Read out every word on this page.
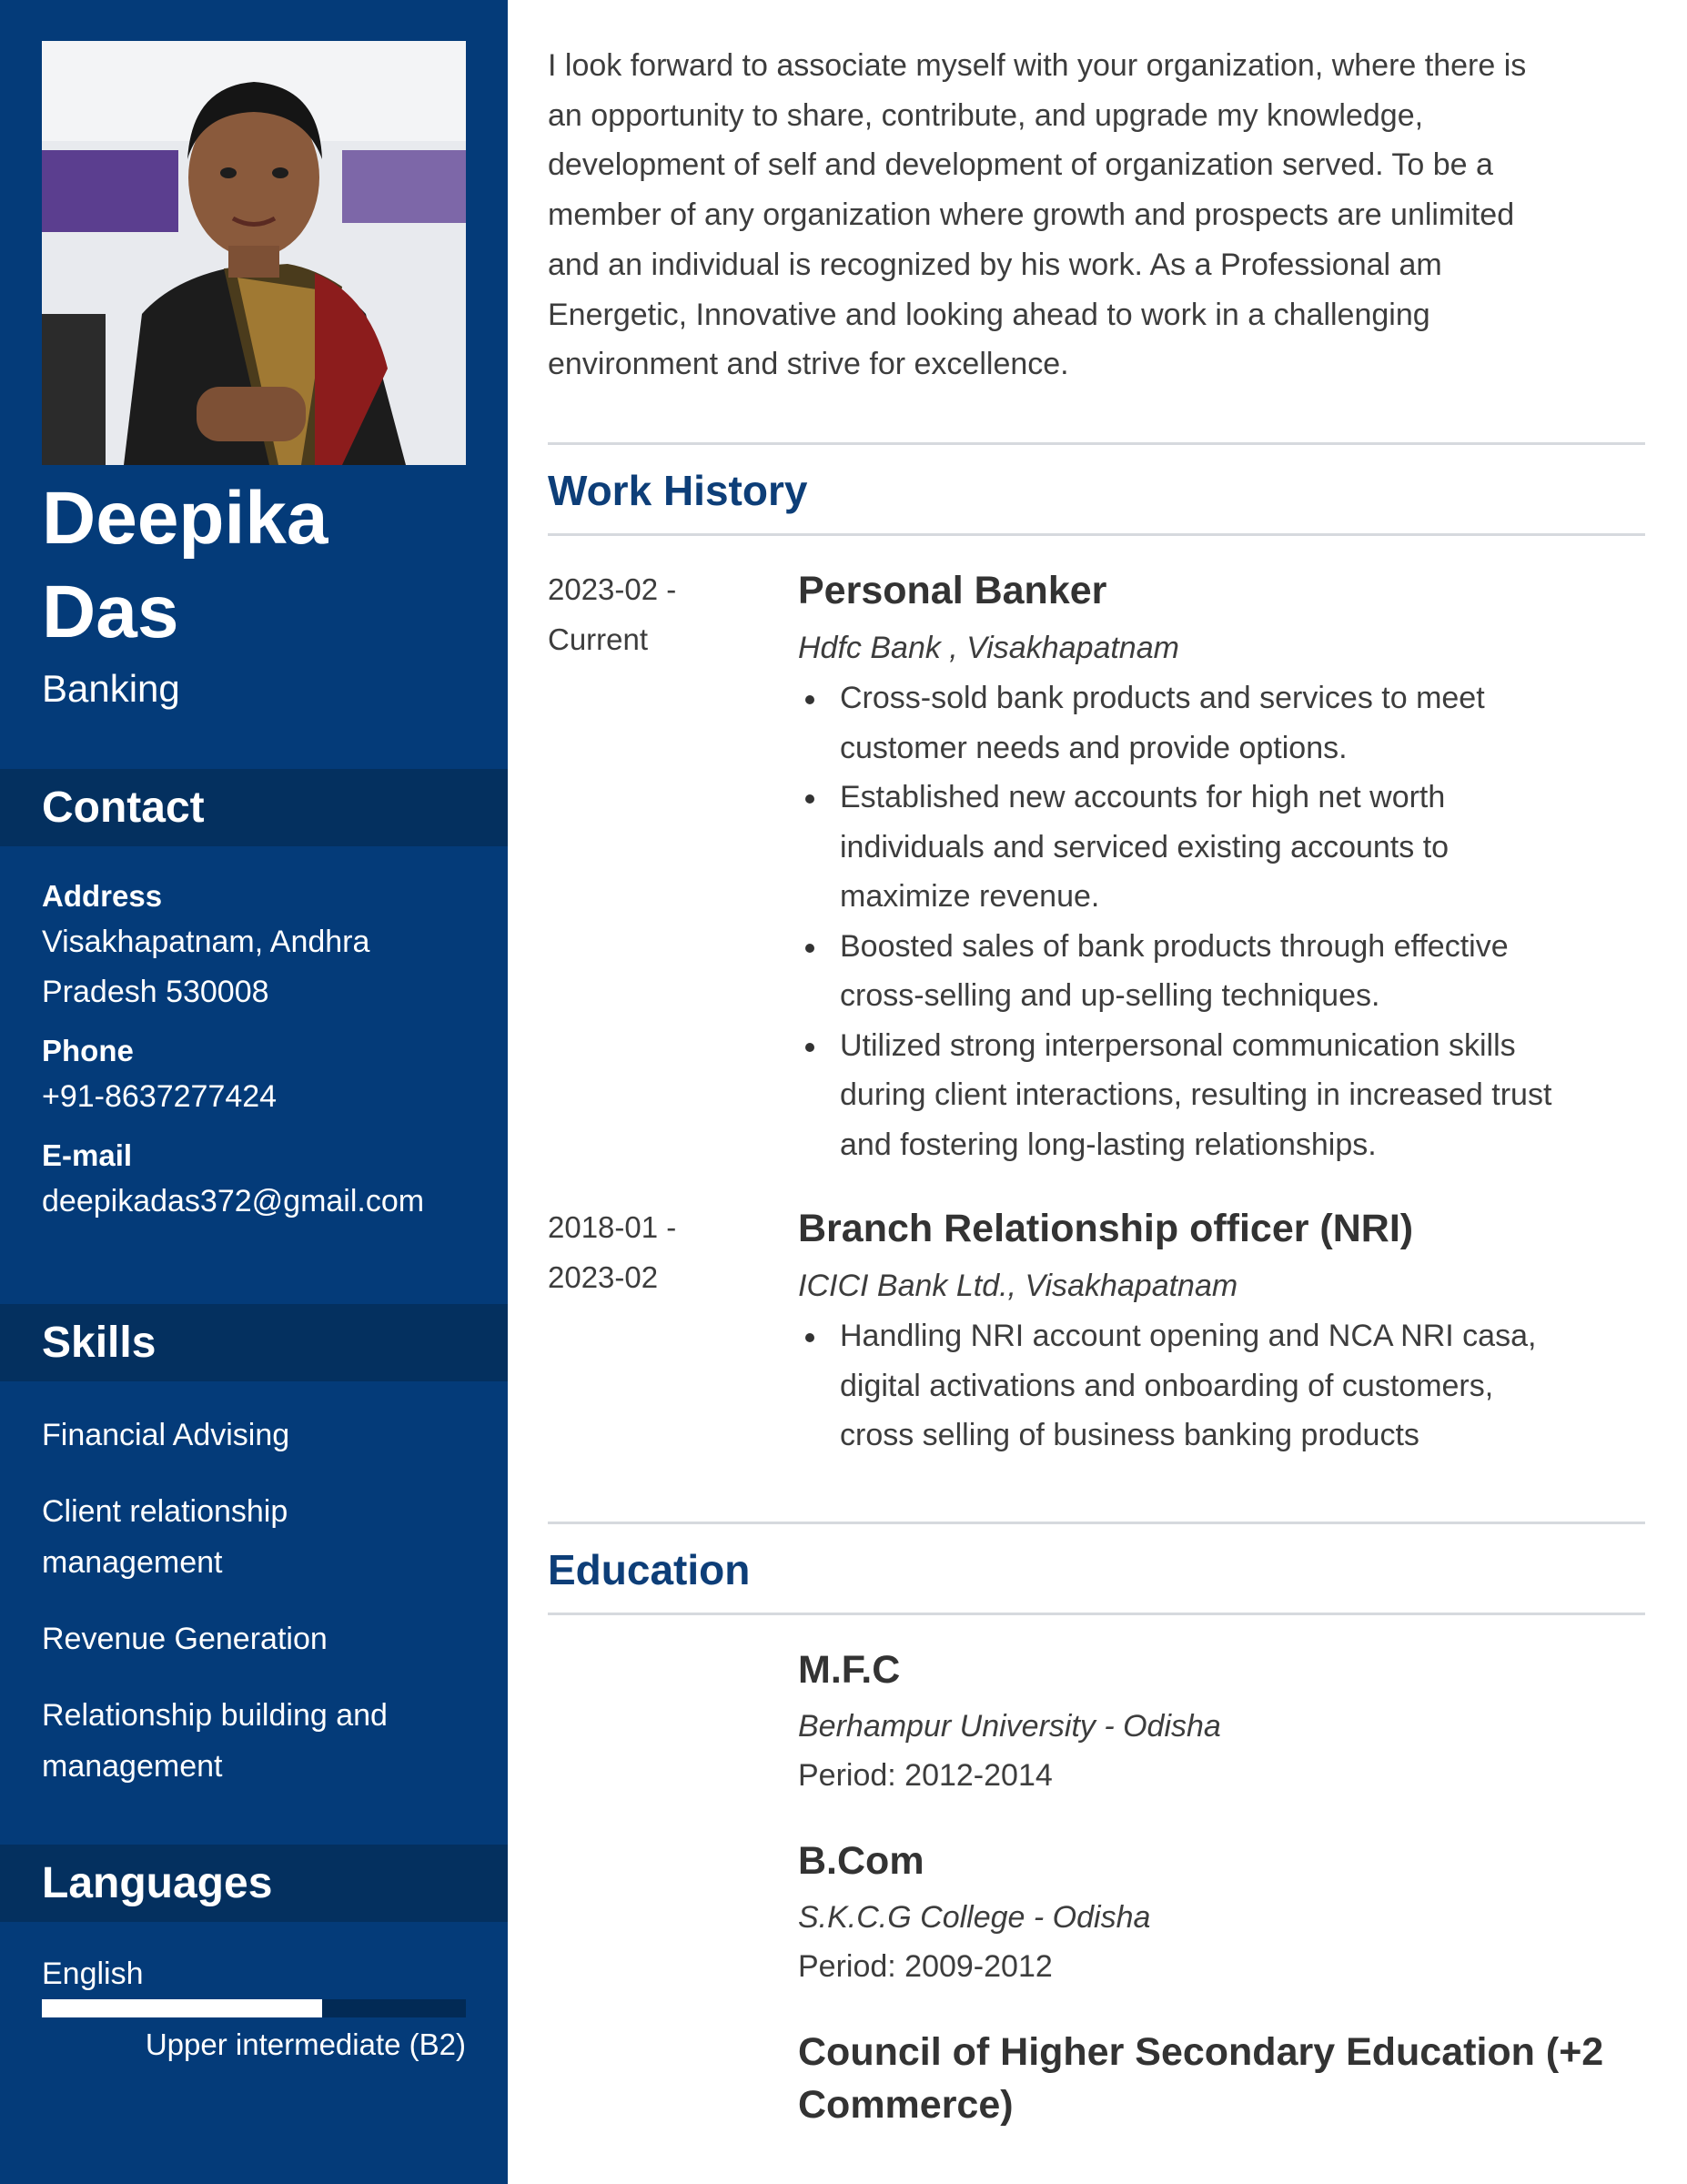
Deepika
Das
Banking
Contact
Address
Visakhapatnam, Andhra
Pradesh 530008
Phone
+91-8637277424
E-mail
deepikadas372@gmail.com
Skills
Financial Advising
Client relationship
management
Revenue Generation
Relationship building and
management
Languages
English
Upper intermediate (B2)
I look forward to associate myself with your organization, where there is
an opportunity to share, contribute, and upgrade my knowledge,
development of self and development of organization served. To be a
member of any organization where growth and prospects are unlimited
and an individual is recognized by his work. As a Professional am
Energetic, Innovative and looking ahead to work in a challenging
environment and strive for excellence.
Work History
2023-02 -
Current
Personal Banker
Hdfc Bank , Visakhapatnam
Cross-sold bank products and services to meet
customer needs and provide options.
Established new accounts for high net worth
individuals and serviced existing accounts to
maximize revenue.
Boosted sales of bank products through effective
cross-selling and up-selling techniques.
Utilized strong interpersonal communication skills
during client interactions, resulting in increased trust
and fostering long-lasting relationships.
2018-01 -
2023-02
Branch Relationship officer (NRI)
ICICI Bank Ltd., Visakhapatnam
Handling NRI account opening and NCA NRI casa,
digital activations and onboarding of customers,
cross selling of business banking products
Education
M.F.C
Berhampur University - Odisha
Period: 2012-2014
B.Com
S.K.C.G College - Odisha
Period: 2009-2012
Council of Higher Secondary Education (+2
Commerce)
